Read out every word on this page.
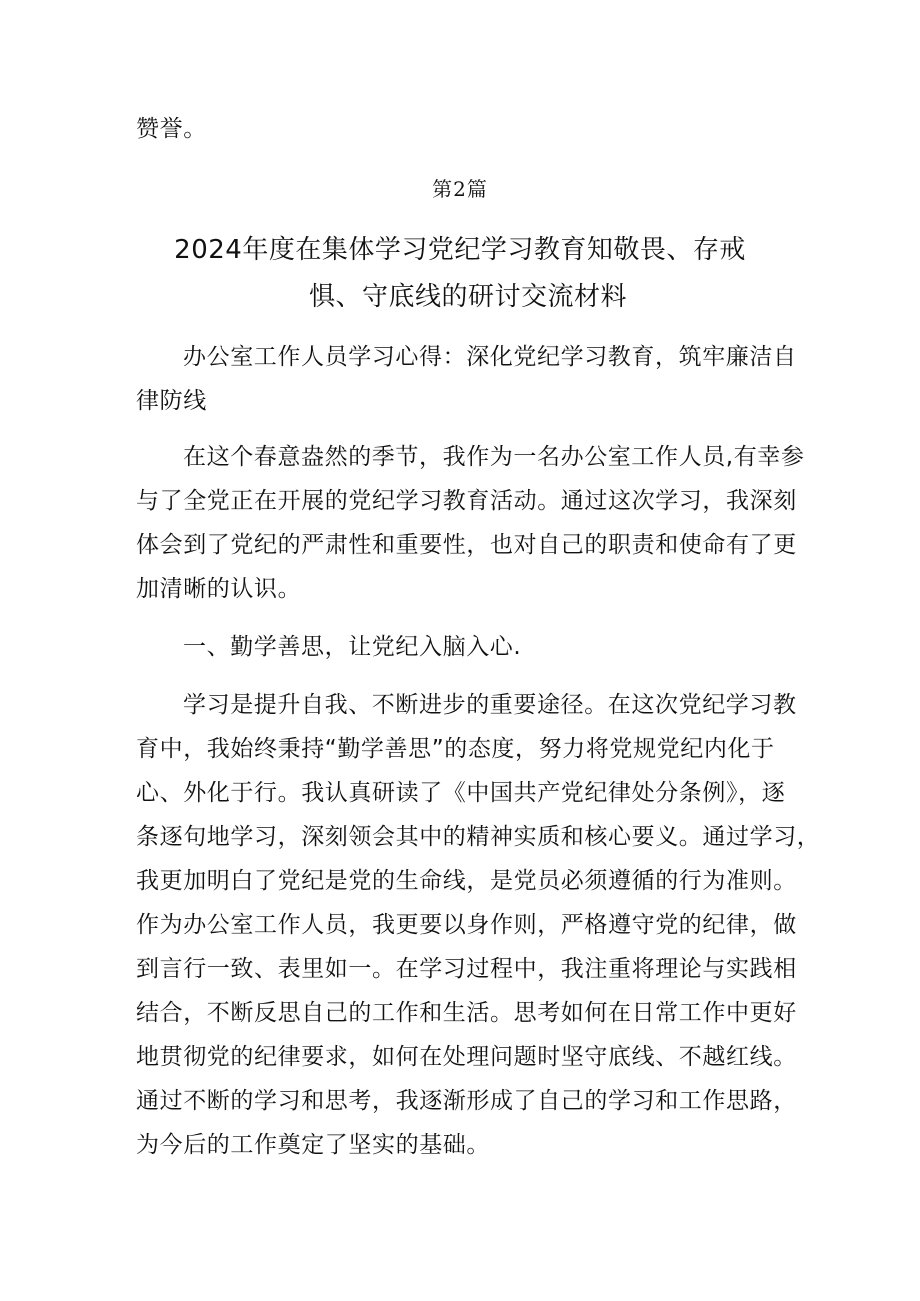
赞誉。
第2篇
2024年度在集体学习党纪学习教育知敬畏、存戒
惧、守底线的研讨交流材料
办公室工作人员学习心得：深化党纪学习教育，筑牢廉洁自
律防线
在这个春意盎然的季节，我作为一名办公室工作人员,有幸参
与了全党正在开展的党纪学习教育活动。通过这次学习，我深刻
体会到了党纪的严肃性和重要性，也对自己的职责和使命有了更
加清晰的认识。
一、勤学善思，让党纪入脑入心.
学习是提升自我、不断进步的重要途径。在这次党纪学习教
育中，我始终秉持“勤学善思”的态度，努力将党规党纪内化于
心、外化于行。我认真研读了《中国共产党纪律处分条例》，逐
条逐句地学习，深刻领会其中的精神实质和核心要义。通过学习，
我更加明白了党纪是党的生命线，是党员必须遵循的行为准则。
作为办公室工作人员，我更要以身作则，严格遵守党的纪律，做
到言行一致、表里如一。在学习过程中，我注重将理论与实践相
结合，不断反思自己的工作和生活。思考如何在日常工作中更好
地贯彻党的纪律要求，如何在处理问题时坚守底线、不越红线。
通过不断的学习和思考，我逐渐形成了自己的学习和工作思路，
为今后的工作奠定了坚实的基础。
